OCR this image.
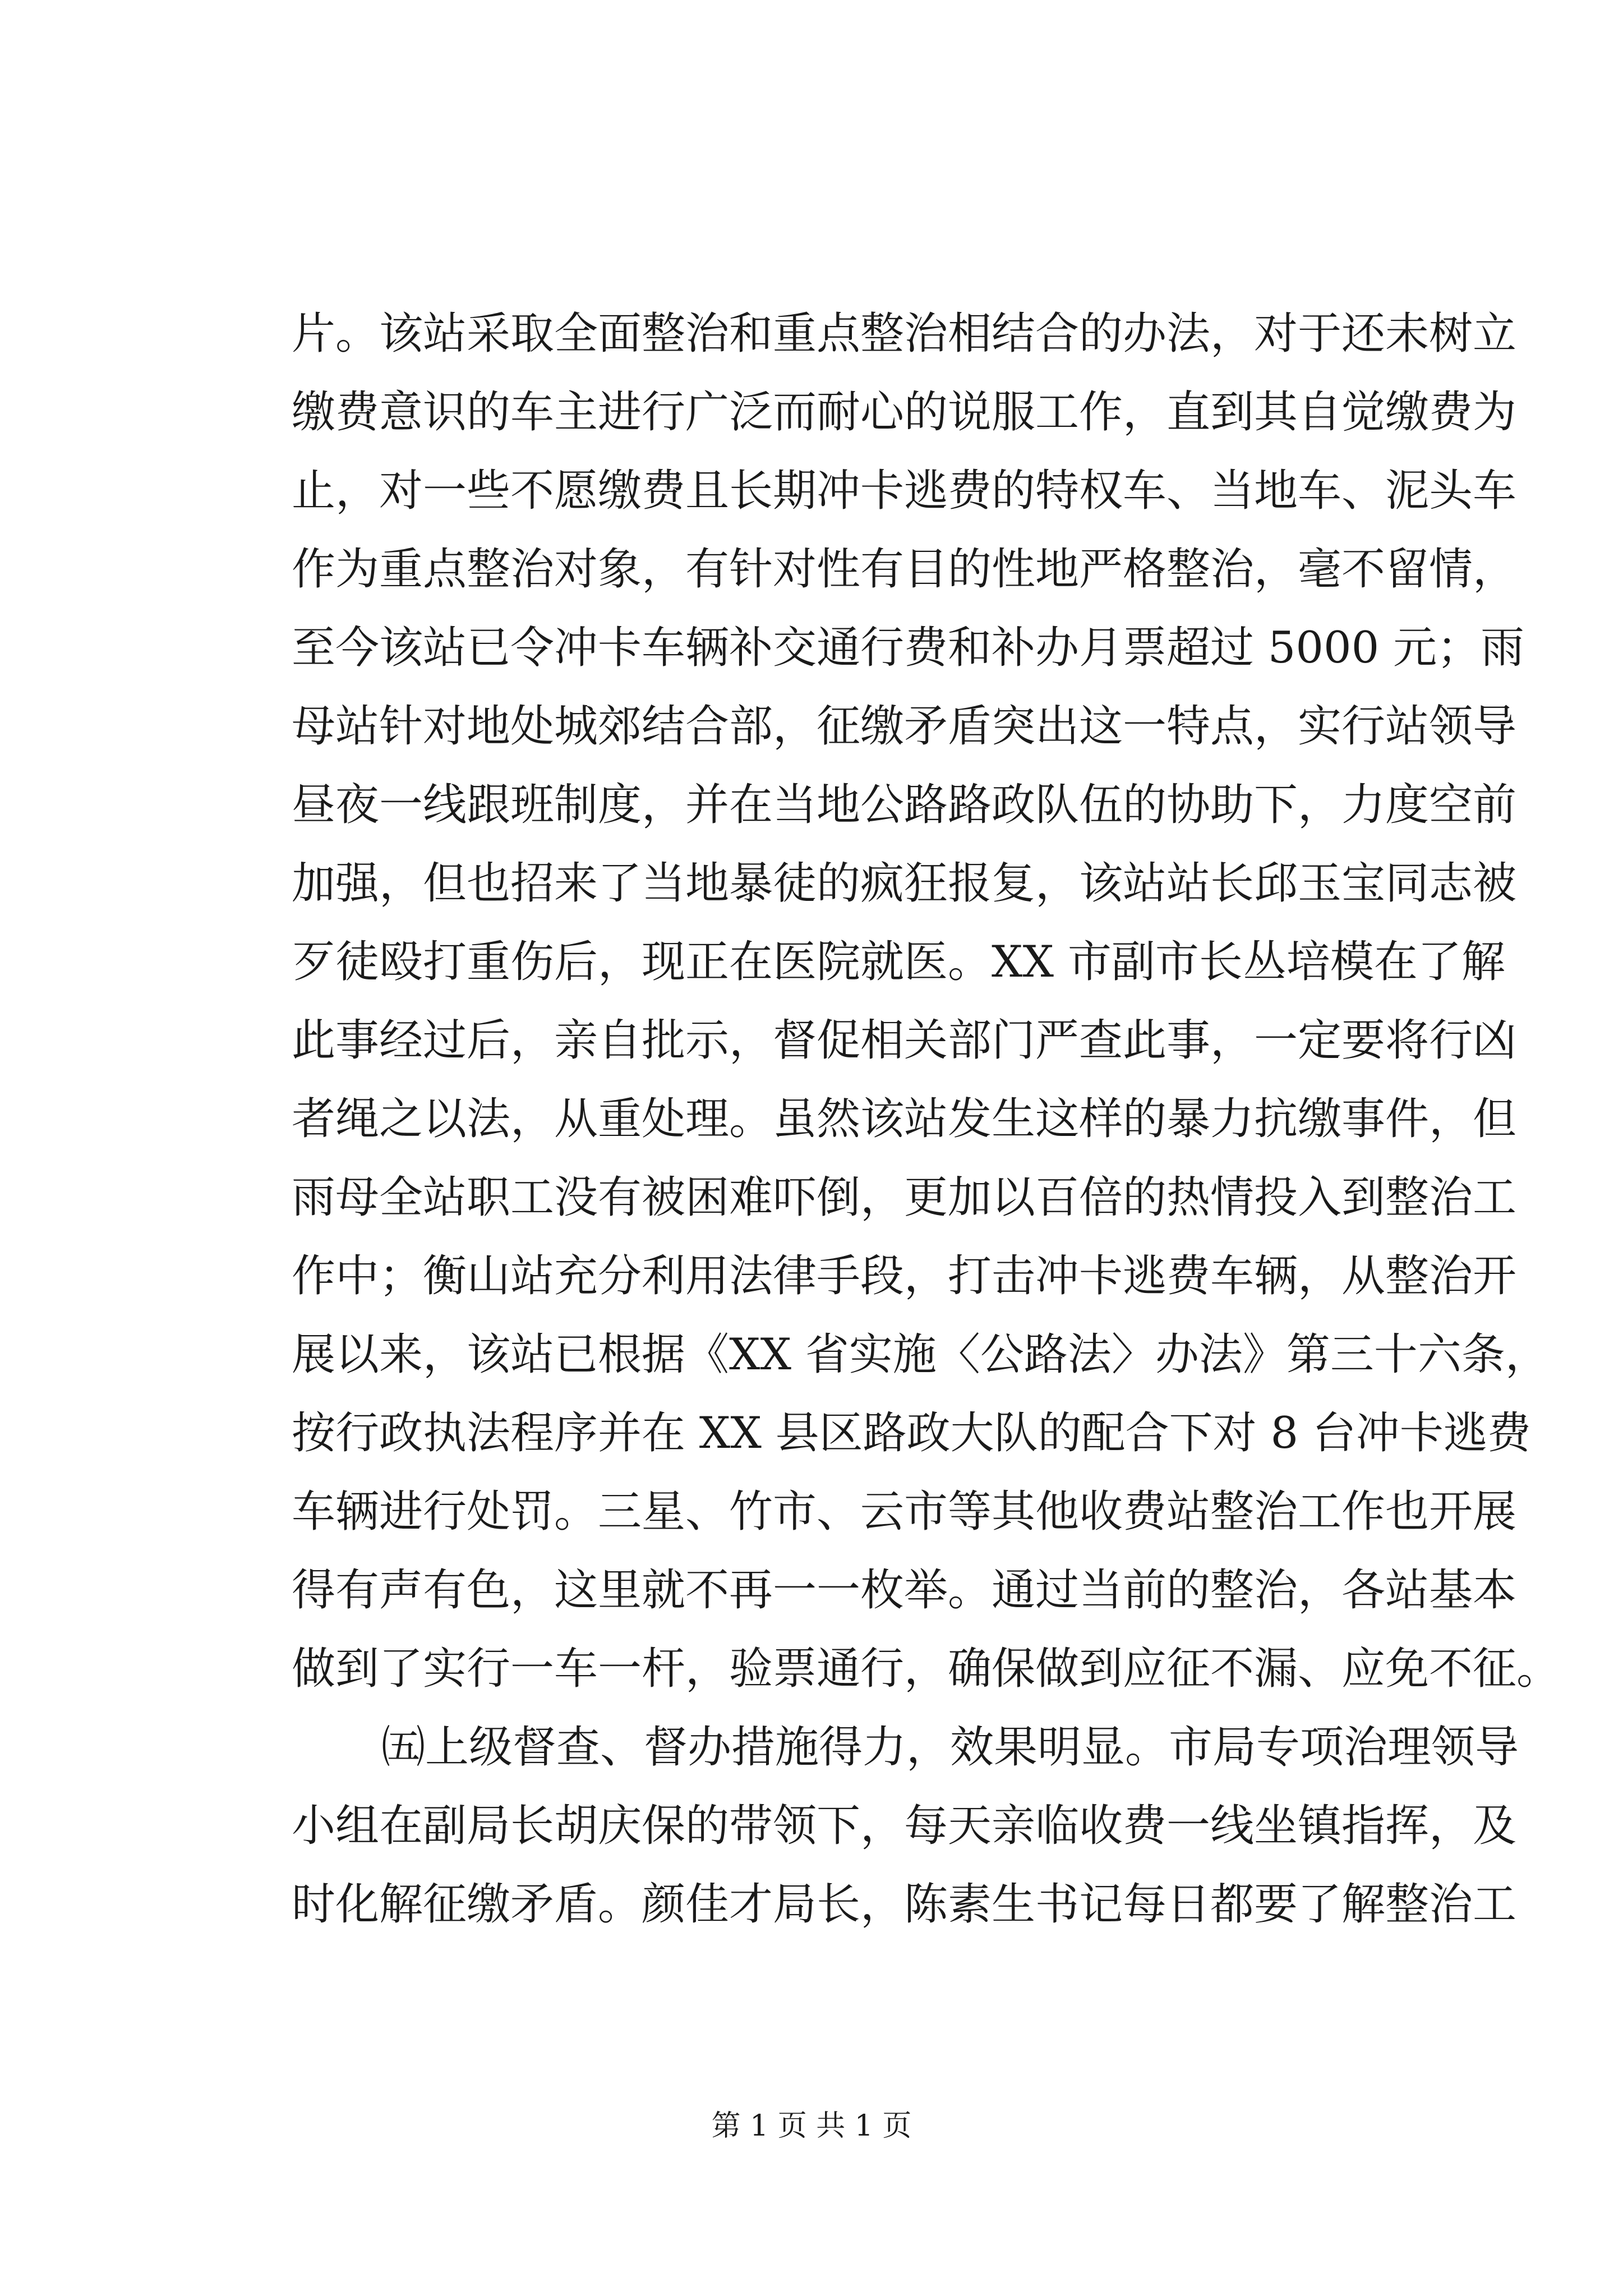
片。该站采取全面整治和重点整治相结合的办法，对于还未树立
缴费意识的车主进行广泛而耐心的说服工作，直到其自觉缴费为
止，对一些不愿缴费且长期冲卡逃费的特权车、当地车、泥头车
作为重点整治对象，有针对性有目的性地严格整治，毫不留情，
至今该站已令冲卡车辆补交通行费和补办月票超过 5000 元；雨
母站针对地处城郊结合部，征缴矛盾突出这一特点，实行站领导
昼夜一线跟班制度，并在当地公路路政队伍的协助下，力度空前
加强，但也招来了当地暴徒的疯狂报复，该站站长邱玉宝同志被
歹徒殴打重伤后，现正在医院就医。XX 市副市长丛培模在了解
此事经过后，亲自批示，督促相关部门严查此事，一定要将行凶
者绳之以法，从重处理。虽然该站发生这样的暴力抗缴事件，但
雨母全站职工没有被困难吓倒，更加以百倍的热情投入到整治工
作中；衡山站充分利用法律手段，打击冲卡逃费车辆，从整治开
展以来，该站已根据《XX 省实施〈公路法〉办法》第三十六条，
按行政执法程序并在 XX 县区路政大队的配合下对 8 台冲卡逃费
车辆进行处罚。三星、竹市、云市等其他收费站整治工作也开展
得有声有色，这里就不再一一枚举。通过当前的整治，各站基本
做到了实行一车一杆，验票通行，确保做到应征不漏、应免不征。
㈤上级督查、督办措施得力，效果明显。市局专项治理领导
小组在副局长胡庆保的带领下，每天亲临收费一线坐镇指挥，及
时化解征缴矛盾。颜佳才局长，陈素生书记每日都要了解整治工
第 1 页 共 1 页
